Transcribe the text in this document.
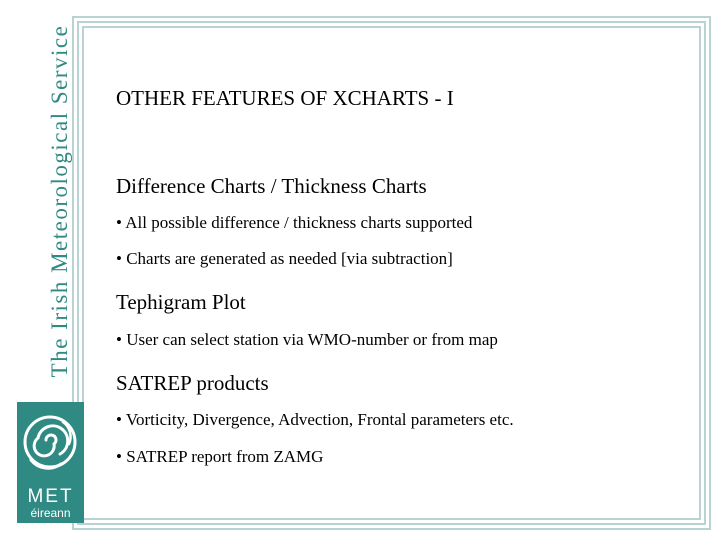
The Irish Meteorological Service
MET
éireann
OTHER FEATURES OF XCHARTS - I
Difference Charts / Thickness Charts
• All possible difference / thickness charts supported
• Charts are generated as needed [via subtraction]
Tephigram Plot
• User can select station via WMO-number or from map
SATREP products
• Vorticity, Divergence, Advection, Frontal parameters etc.
• SATREP report from ZAMG
